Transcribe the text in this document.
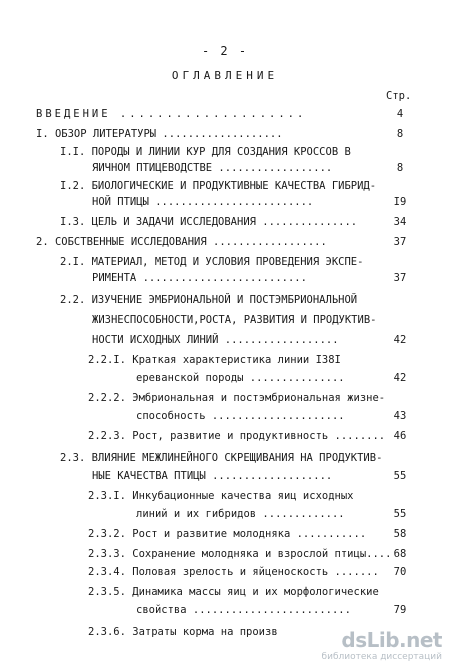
- 2 -
ОГЛАВЛЕНИЕ
Стр.
ВВЕДЕНИЕ ....................	4
I. ОБЗОР ЛИТЕРАТУРЫ ...................	8
I.I. ПОРОДЫ И ЛИНИИ КУР ДЛЯ СОЗДАНИЯ КРОССОВ В
ЯИЧНОМ ПТИЦЕВОДСТВЕ ..................	8
I.2. БИОЛОГИЧЕСКИЕ И ПРОДУКТИВНЫЕ КАЧЕСТВА ГИБРИД-
НОЙ ПТИЦЫ .........................	I9
I.3. ЦЕЛЬ И ЗАДАЧИ ИССЛЕДОВАНИЯ ...............	34
2. СОБСТВЕННЫЕ ИССЛЕДОВАНИЯ ..................	37
2.I. МАТЕРИАЛ, МЕТОД И УСЛОВИЯ ПРОВЕДЕНИЯ ЭКСПЕ-
РИМЕНТА ..........................	37
2.2. ИЗУЧЕНИЕ ЭМБРИОНАЛЬНОЙ И ПОСТЭМБРИОНАЛЬНОЙ
ЖИЗНЕСПОСОБНОСТИ,РОСТА, РАЗВИТИЯ И ПРОДУКТИВ-
НОСТИ ИСХОДНЫХ ЛИНИЙ ..................	42
2.2.I. Краткая характеристика линии I38I
ереванской породы ...............	42
2.2.2. Эмбриональная и постэмбриональная жизне-
способность .....................	43
2.2.3. Рост, развитие и продуктивность ........ 46
2.3. ВЛИЯНИЕ МЕЖЛИНЕЙНОГО СКРЕЩИВАНИЯ НА ПРОДУКТИВ-
НЫЕ КАЧЕСТВА ПТИЦЫ ...................	55
2.3.I. Инкубационные качества яиц исходных
линий и их гибридов .............	55
2.3.2. Рост и развитие молодняка ...........	58
2.3.3. Сохранение молодняка и взрослой птицы.... 68
2.3.4. Половая зрелость и яйценоскость .......	70
2.3.5. Динамика массы яиц и их морфологические
свойства .........................	79
2.3.6. Затраты корма на произв	dsLib.net
библиотека диссертаций
